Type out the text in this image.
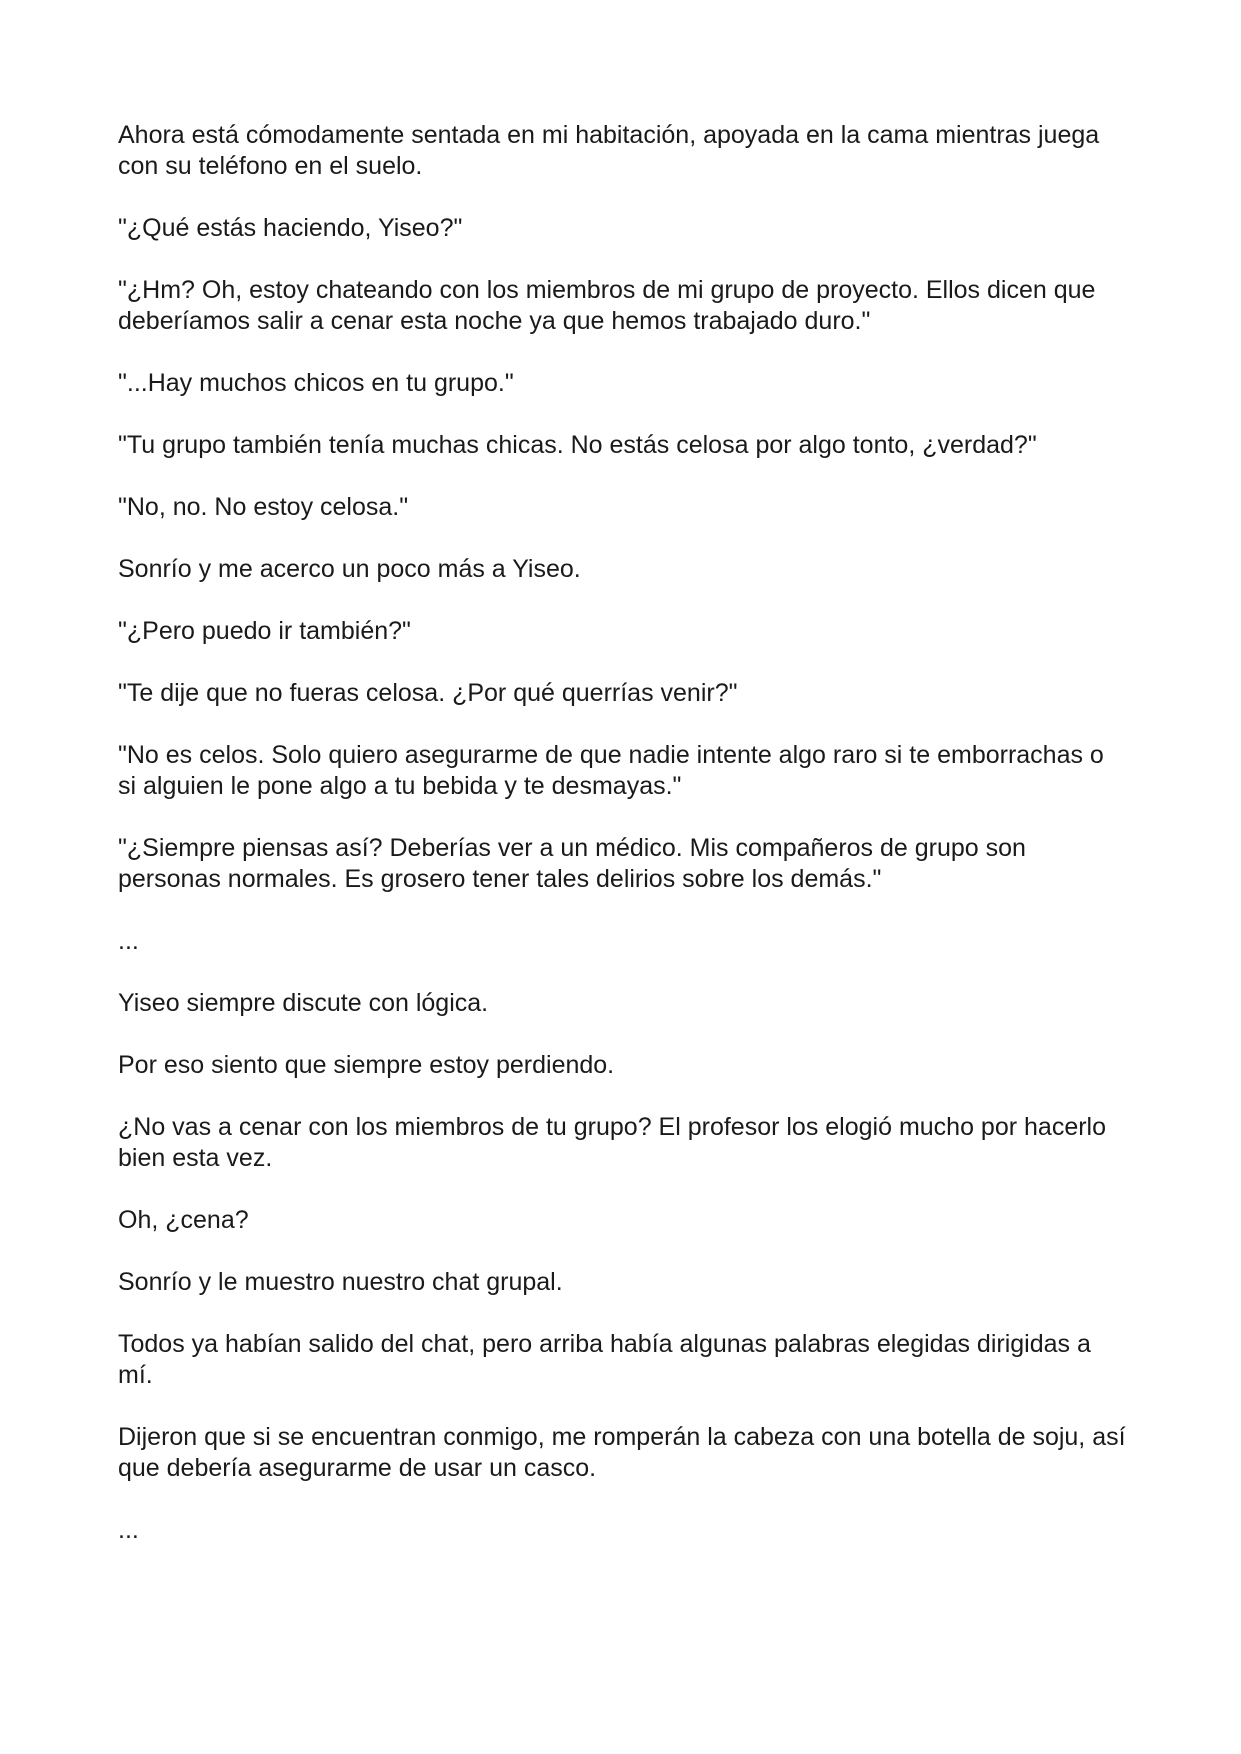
Ahora está cómodamente sentada en mi habitación, apoyada en la cama mientras juega con su teléfono en el suelo.

"¿Qué estás haciendo, Yiseo?"

"¿Hm? Oh, estoy chateando con los miembros de mi grupo de proyecto. Ellos dicen que deberíamos salir a cenar esta noche ya que hemos trabajado duro."

"...Hay muchos chicos en tu grupo."

"Tu grupo también tenía muchas chicas. No estás celosa por algo tonto, ¿verdad?"

"No, no. No estoy celosa."

Sonrío y me acerco un poco más a Yiseo.

"¿Pero puedo ir también?"

"Te dije que no fueras celosa. ¿Por qué querrías venir?"

"No es celos. Solo quiero asegurarme de que nadie intente algo raro si te emborrachas o si alguien le pone algo a tu bebida y te desmayas."

"¿Siempre piensas así? Deberías ver a un médico. Mis compañeros de grupo son personas normales. Es grosero tener tales delirios sobre los demás."

...

Yiseo siempre discute con lógica.

Por eso siento que siempre estoy perdiendo.

¿No vas a cenar con los miembros de tu grupo? El profesor los elogió mucho por hacerlo bien esta vez.

Oh, ¿cena?

Sonrío y le muestro nuestro chat grupal.

Todos ya habían salido del chat, pero arriba había algunas palabras elegidas dirigidas a mí.

Dijeron que si se encuentran conmigo, me romperán la cabeza con una botella de soju, así que debería asegurarme de usar un casco.

...
